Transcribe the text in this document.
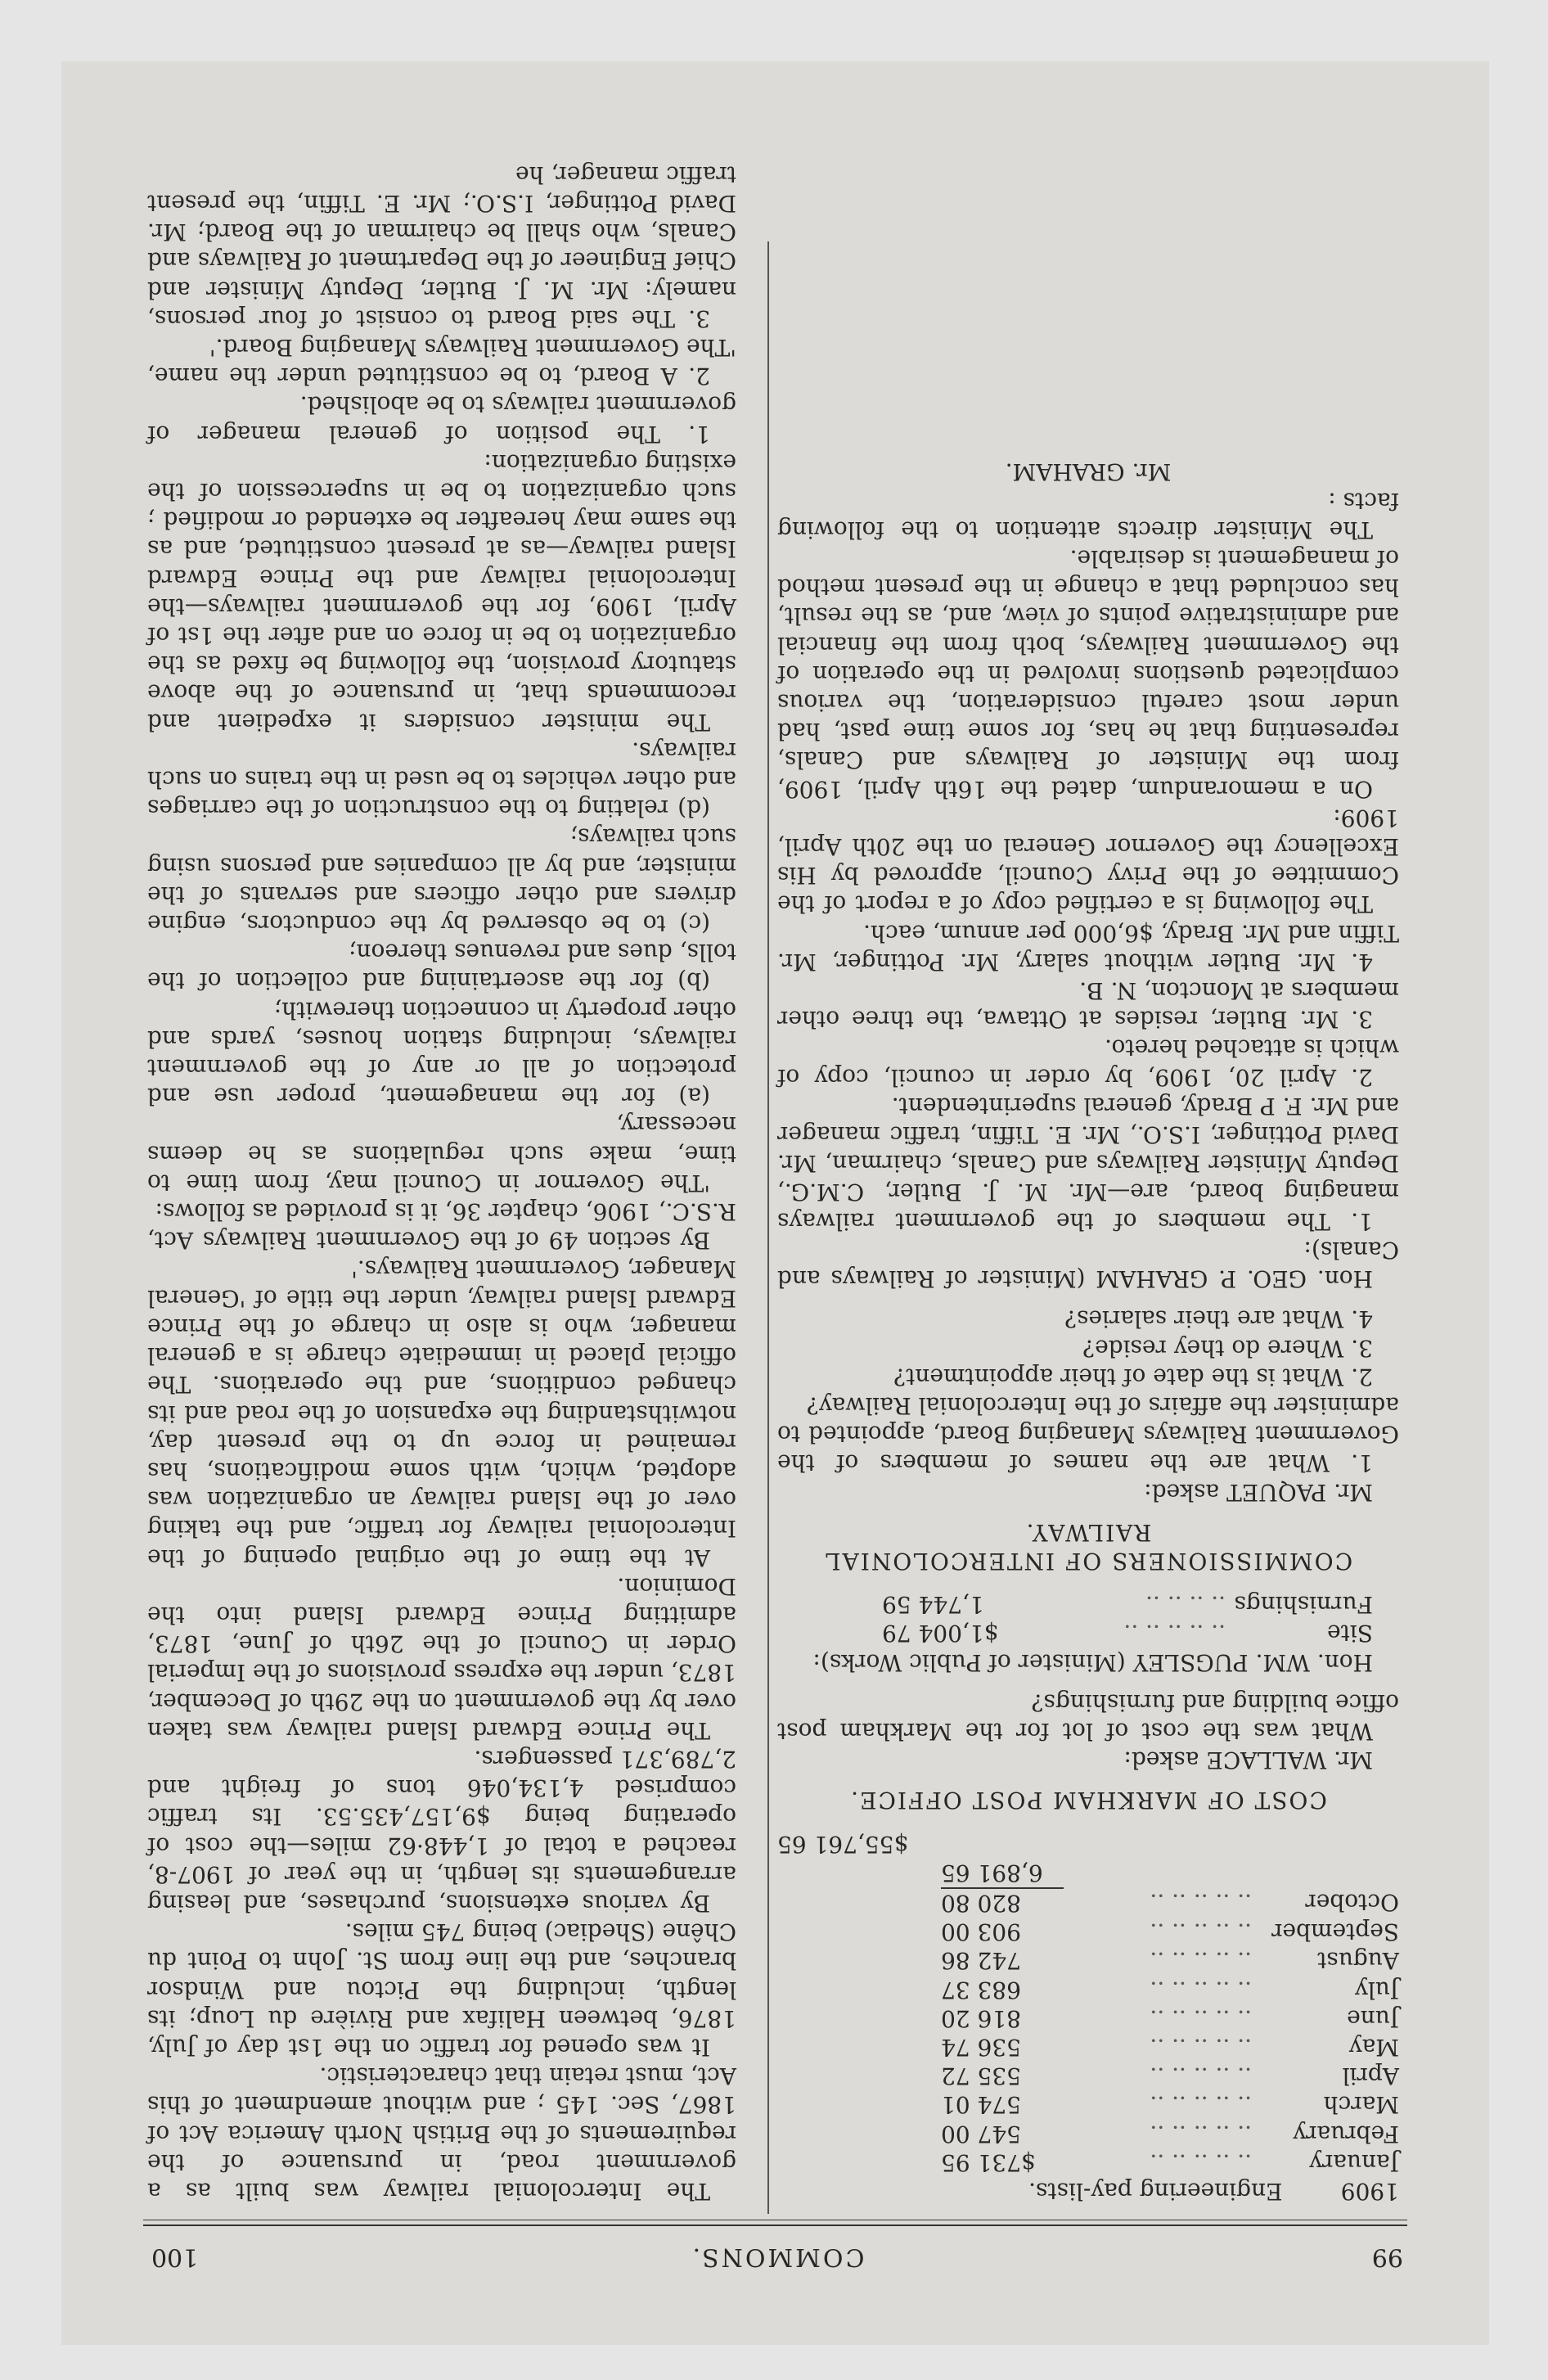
99
COMMONS.
100

1909        Engineering pay-lists.

January	.. .. .. .. ..	$731 95	
February	.. .. .. .. ..	547 00	
March	.. .. .. .. ..	574 01	
April	.. .. .. .. ..	535 72	
May	.. .. .. .. ..	536 74	
June	.. .. .. .. ..	816 20	
July	.. .. .. .. ..	683 37	
August	.. .. .. .. ..	742 86	
September	.. .. .. .. ..	903 00	
October	.. .. .. .. ..	820 80	
		6,891 65	
			$55,761 65
COST OF MARKHAM POST OFFICE.

Mr. WALLACE asked:

What was the cost of lot for the Markham post office building and furnishings?

Hon. WM. PUGSLEY (Minister of Public Works):

Site	.. .. .. .. ..	$1,004 79	
Furnishings	.. .. .. ..	1,744 59	
COMMISSIONERS OF INTERCOLONIAL RAILWAY.

Mr. PAQUET asked:

1. What are the names of members of the Government Railways Managing Board, appointed to administer the affairs of the Intercolonial Railway?

2. What is the date of their appointment?

3. Where do they reside?

4. What are their salaries?

Hon. GEO. P. GRAHAM (Minister of Railways and Canals):

1. The members of the government railways managing board, are—Mr. M. J. Butler, C.M.G., Deputy Minister Railways and Canals, chairman, Mr. David Pottinger, I.S.O., Mr. E. Tiffin, traffic manager and Mr. F. P Brady, general superintendent.

2. April 20, 1909, by order in council, copy of which is attached hereto.

3. Mr. Butler, resides at Ottawa, the three other members at Moncton, N. B.

4. Mr. Butler without salary, Mr. Pottinger, Mr. Tiffin and Mr. Brady, $6,000 per annum, each.

The following is a certified copy of a report of the Committee of the Privy Council, approved by His Excellency the Governor General on the 20th April, 1909:

On a memorandum, dated the 16th April, 1909, from the Minister of Railways and Canals, representing that he has, for some time past, had under most careful consideration, the various complicated questions involved in the operation of the Government Railways, both from the financial and administrative points of view, and, as the result, has concluded that a change in the present method of management is desirable.

The Minister directs attention to the following facts :

Mr. GRAHAM.

The Intercolonial railway was built as a government road, in pursuance of the requirements of the British North America Act of 1867, Sec. 145 ; and without amendment of this Act, must retain that characteristic.

It was opened for traffic on the 1st day of July, 1876, between Halifax and Rivière du Loup; its length, including the Pictou and Windsor branches, and the line from St. John to Point du Chêne (Shediac) being 745 miles.

By various extensions, purchases, and leasing arrangements its length, in the year of 1907-8, reached a total of 1,448·62 miles—the cost of operating being $9,157,435.53. Its traffic comprised 4,134,046 tons of freight and 2,789,371 passengers.

The Prince Edward Island railway was taken over by the government on the 29th of December, 1873, under the express provisions of the Imperial Order in Council of the 26th of June, 1873, admitting Prince Edward Island into the Dominion.

At the time of the original opening of the Intercolonial railway for traffic, and the taking over of the Island railway an organization was adopted, which, with some modifications, has remained in force up to the present day, notwithstanding the expansion of the road and its changed conditions, and the operations. The official placed in immediate charge is a general manager, who is also in charge of the Prince Edward Island railway, under the title of 'General Manager, Government Railways.'

By section 49 of the Government Railways Act, R.S.C., 1906, chapter 36, it is provided as follows:

'The Governor in Council may, from time to time, make such regulations as he deems necessary,

(a) for the management, proper use and protection of all or any of the government railways, including station houses, yards and other property in connection therewith;

(b) for the ascertaining and collection of the tolls, dues and revenues thereon;

(c) to be observed by the conductors, engine drivers and other officers and servants of the minister, and by all companies and persons using such railways;

(d) relating to the construction of the carriages and other vehicles to be used in the trains on such railways.

The minister considers it expedient and recommends that, in pursuance of the above statutory provision, the following be fixed as the organization to be in force on and after the 1st of April, 1909, for the government railways—the Intercolonial railway and the Prince Edward Island railway—as at present constituted, and as the same may hereafter be extended or modified ; such organization to be in supercession of the existing organization:

1. The position of general manager of government railways to be abolished.

2. A Board, to be constituted under the name, 'The Government Railways Managing Board.'

3. The said Board to consist of four persons, namely: Mr. M. J. Butler, Deputy Minister and Chief Engineer of the Department of Railways and Canals, who shall be chairman of the Board; Mr. David Pottinger, I.S.O.; Mr. E. Tiffin, the present traffic manager, he
